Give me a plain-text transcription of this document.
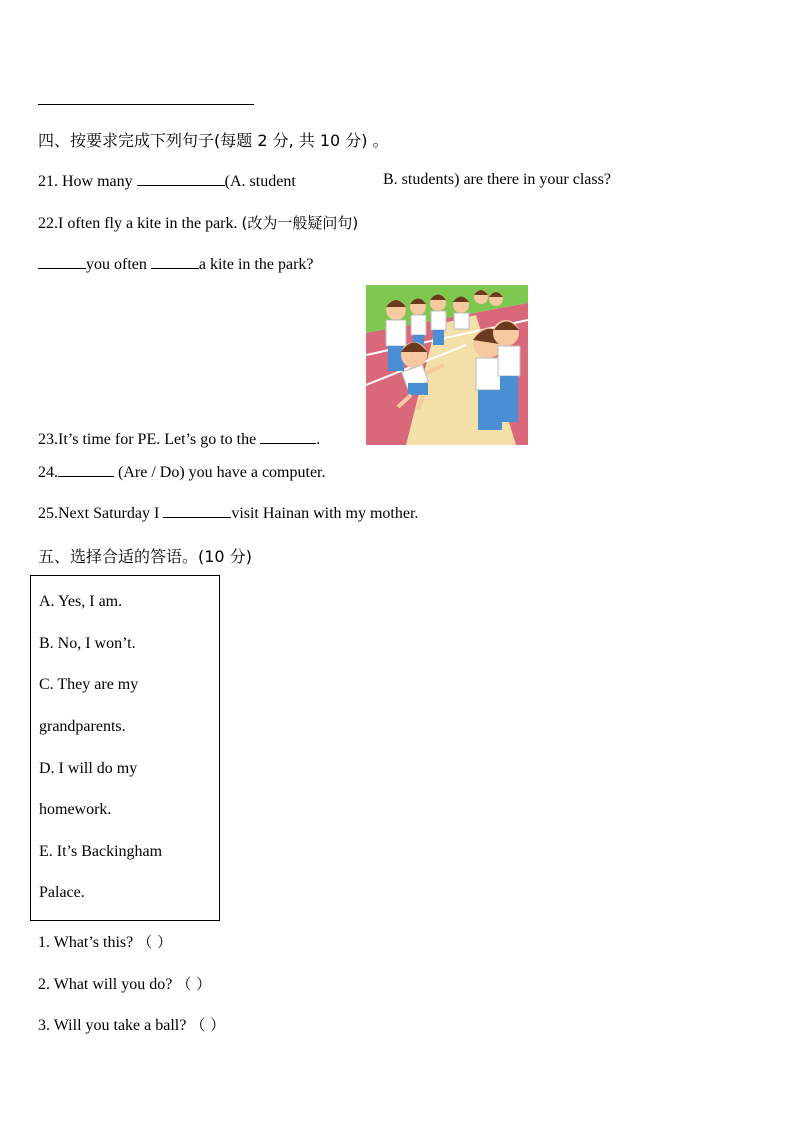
四、按要求完成下列句子(每题 2 分, 共 10 分) 。
21. How many	(A. student	B. students) are there in your class?
22.I often fly a kite in the park. (改为一般疑问句)
you often	a kite in the park?
23.It’s time for PE. Let’s go to the	.
24.	(Are / Do) you have a computer.
25.Next Saturday I	visit Hainan with my mother.
五、选择合适的答语。(10 分)
A. Yes, I am.
B. No, I won’t.
C. They are my
grandparents.
D. I will do my
homework.
E. It’s Backingham
Palace.
1. What’s this? （ ）
2. What will you do? （ ）
3. Will you take a ball? （ ）
